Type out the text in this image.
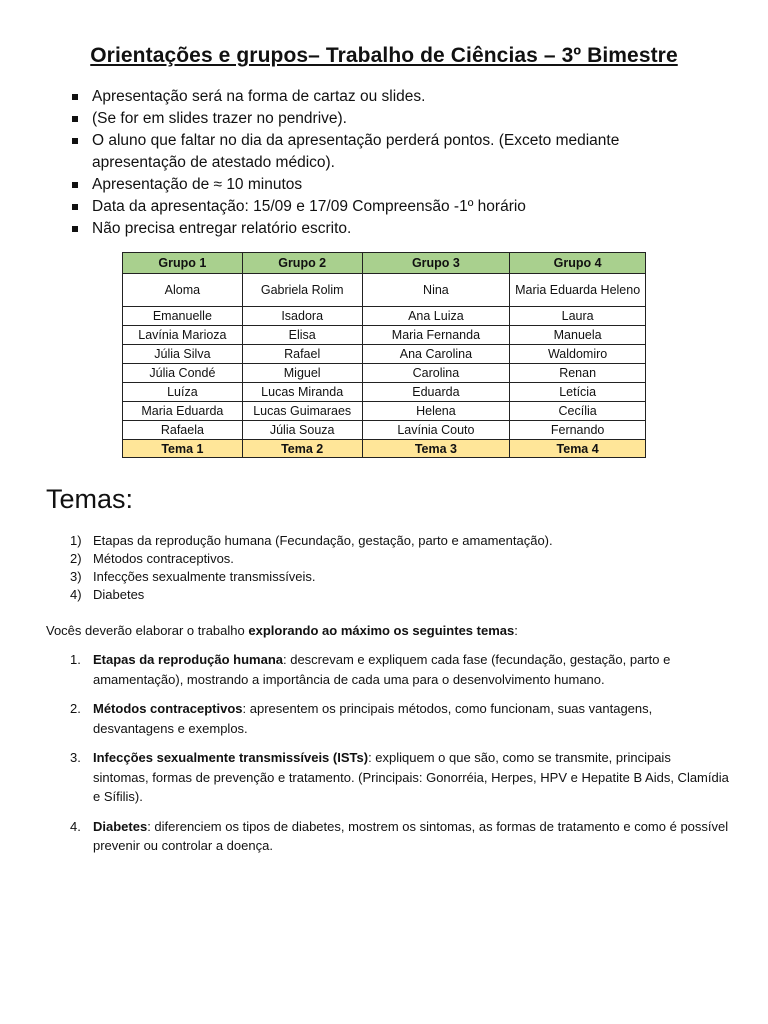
Orientações e grupos– Trabalho de Ciências – 3º Bimestre
Apresentação será na forma de cartaz ou slides.
(Se for em slides trazer no pendrive).
O aluno que faltar no dia da apresentação perderá pontos. (Exceto mediante apresentação de atestado médico).
Apresentação de ≈ 10 minutos
Data da apresentação: 15/09 e 17/09 Compreensão -1º horário
Não precisa entregar relatório escrito.
Grupo 1	Grupo 2	Grupo 3	Grupo 4
Aloma	Gabriela Rolim	Nina	Maria Eduarda Heleno
Emanuelle	Isadora	Ana Luiza	Laura
Lavínia Marioza	Elisa	Maria Fernanda	Manuela
Júlia Silva	Rafael	Ana Carolina	Waldomiro
Júlia Condé	Miguel	Carolina	Renan
Luíza	Lucas Miranda	Eduarda	Letícia
Maria Eduarda	Lucas Guimaraes	Helena	Cecília
Rafaela	Júlia Souza	Lavínia Couto	Fernando
Tema 1	Tema 2	Tema 3	Tema 4
Temas:
1) Etapas da reprodução humana (Fecundação, gestação, parto e amamentação).
2) Métodos contraceptivos.
3) Infecções sexualmente transmissíveis.
4) Diabetes
Vocês deverão elaborar o trabalho explorando ao máximo os seguintes temas:
1. Etapas da reprodução humana: descrevam e expliquem cada fase (fecundação, gestação, parto e amamentação), mostrando a importância de cada uma para o desenvolvimento humano.
2. Métodos contraceptivos: apresentem os principais métodos, como funcionam, suas vantagens, desvantagens e exemplos.
3. Infecções sexualmente transmissíveis (ISTs): expliquem o que são, como se transmite, principais sintomas, formas de prevenção e tratamento. (Principais: Gonorréia, Herpes, HPV e Hepatite B Aids, Clamídia e Sífilis).
4. Diabetes: diferenciem os tipos de diabetes, mostrem os sintomas, as formas de tratamento e como é possível prevenir ou controlar a doença.
